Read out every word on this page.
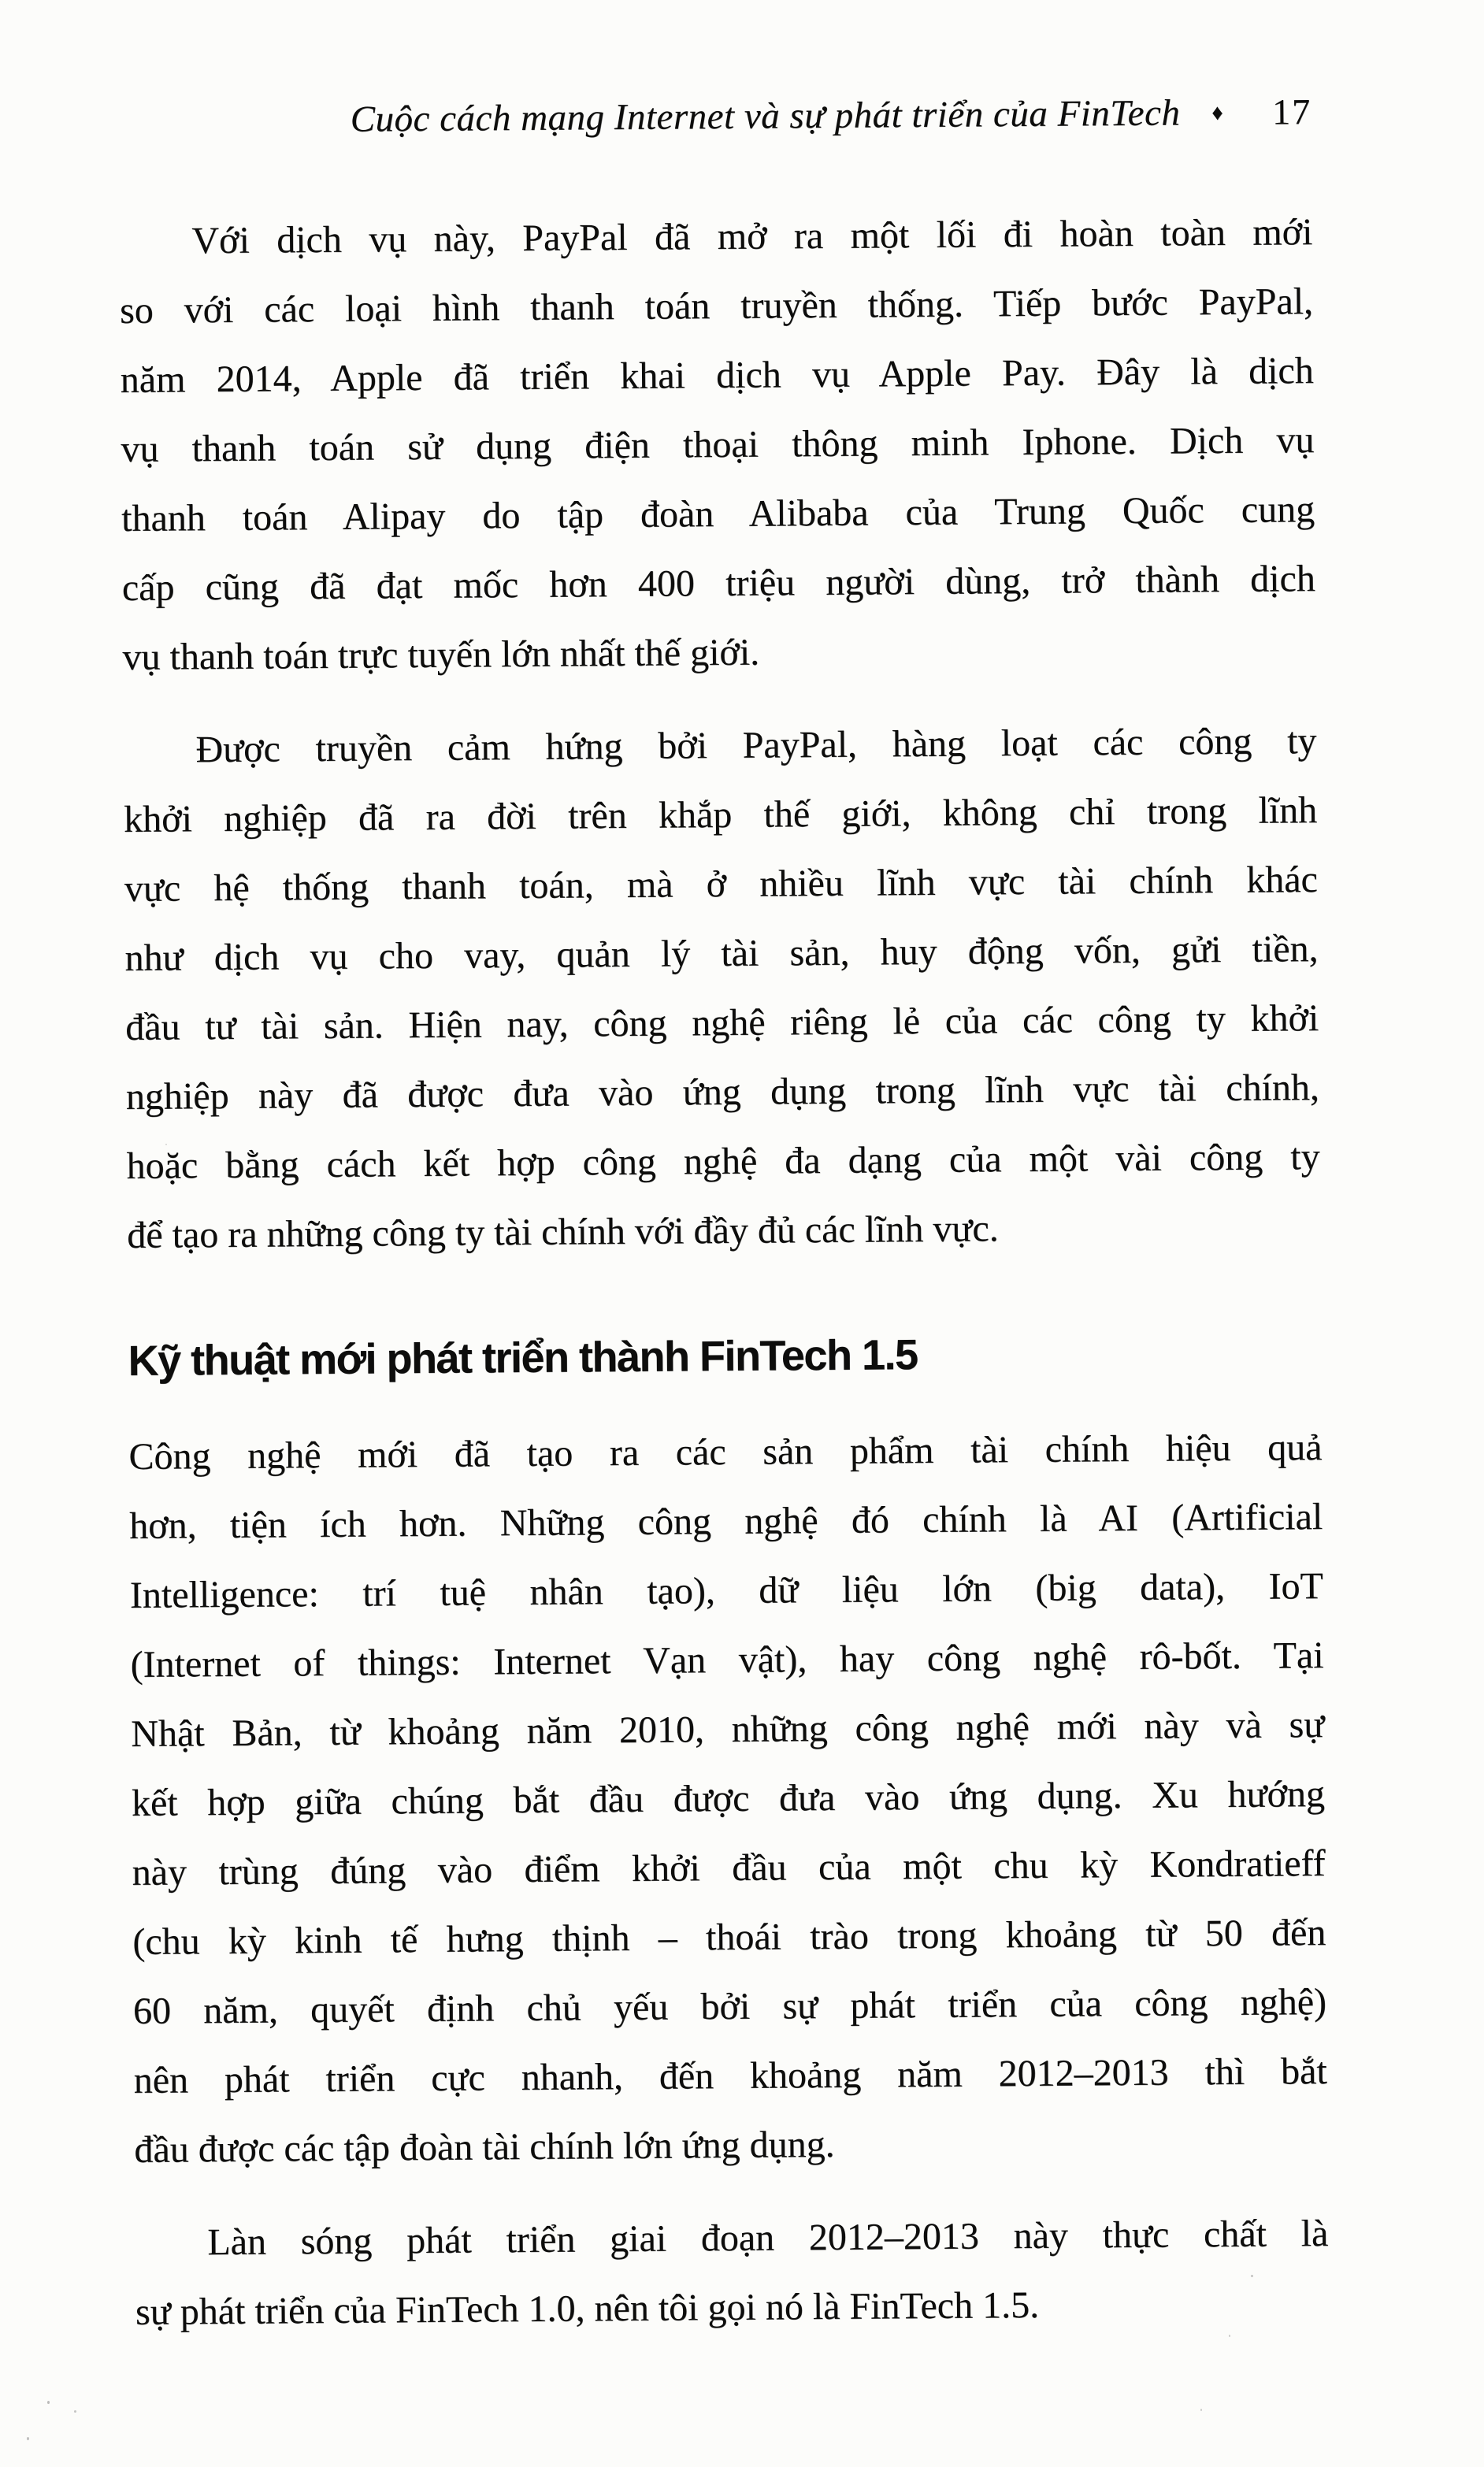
Cuộc cách mạng Internet và sự phát triển của FinTech ♦ 17
Với dịch vụ này, PayPal đã mở ra một lối đi hoàn toàn mới
so với các loại hình thanh toán truyền thống. Tiếp bước PayPal,
năm 2014, Apple đã triển khai dịch vụ Apple Pay. Đây là dịch
vụ thanh toán sử dụng điện thoại thông minh Iphone. Dịch vụ
thanh toán Alipay do tập đoàn Alibaba của Trung Quốc cung
cấp cũng đã đạt mốc hơn 400 triệu người dùng, trở thành dịch
vụ thanh toán trực tuyến lớn nhất thế giới.
Được truyền cảm hứng bởi PayPal, hàng loạt các công ty
khởi nghiệp đã ra đời trên khắp thế giới, không chỉ trong lĩnh
vực hệ thống thanh toán, mà ở nhiều lĩnh vực tài chính khác
như dịch vụ cho vay, quản lý tài sản, huy động vốn, gửi tiền,
đầu tư tài sản. Hiện nay, công nghệ riêng lẻ của các công ty khởi
nghiệp này đã được đưa vào ứng dụng trong lĩnh vực tài chính,
hoặc bằng cách kết hợp công nghệ đa dạng của một vài công ty
để tạo ra những công ty tài chính với đầy đủ các lĩnh vực.
Kỹ thuật mới phát triển thành FinTech 1.5
Công nghệ mới đã tạo ra các sản phẩm tài chính hiệu quả
hơn, tiện ích hơn. Những công nghệ đó chính là AI (Artificial
Intelligence: trí tuệ nhân tạo), dữ liệu lớn (big data), IoT
(Internet of things: Internet Vạn vật), hay công nghệ rô-bốt. Tại
Nhật Bản, từ khoảng năm 2010, những công nghệ mới này và sự
kết hợp giữa chúng bắt đầu được đưa vào ứng dụng. Xu hướng
này trùng đúng vào điểm khởi đầu của một chu kỳ Kondratieff
(chu kỳ kinh tế hưng thịnh – thoái trào trong khoảng từ 50 đến
60 năm, quyết định chủ yếu bởi sự phát triển của công nghệ)
nên phát triển cực nhanh, đến khoảng năm 2012–2013 thì bắt
đầu được các tập đoàn tài chính lớn ứng dụng.
Làn sóng phát triển giai đoạn 2012–2013 này thực chất là
sự phát triển của FinTech 1.0, nên tôi gọi nó là FinTech 1.5.
